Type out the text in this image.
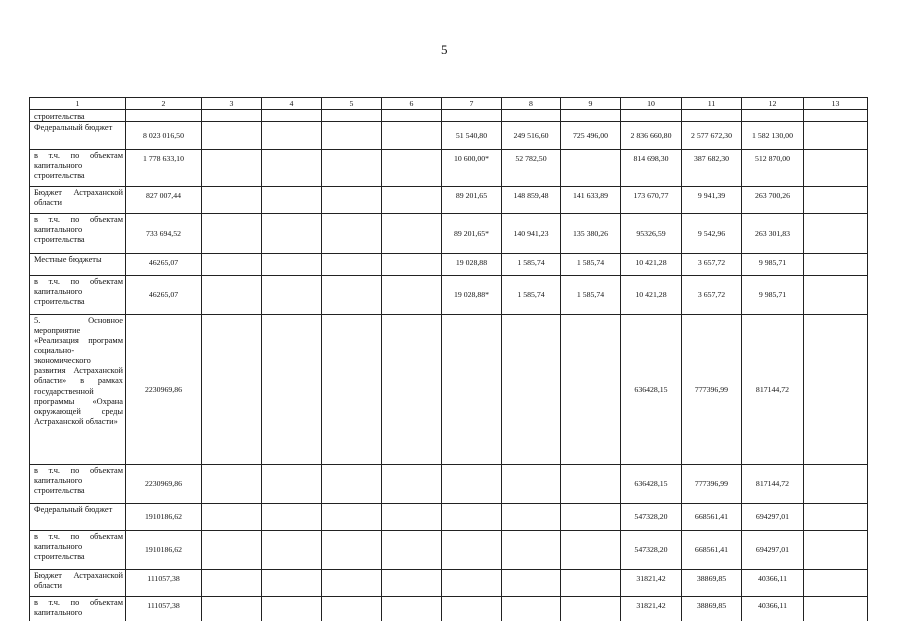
5
1	2	3	4	5	6	7	8	9	10	11	12	13
строительства												
Федеральный бюджет	8 023 016,50					51 540,80	249 516,60	725 496,00	2 836 660,80	2 577 672,30	1 582 130,00	
в т.ч. по объектам капитального строительства	1 778 633,10					10 600,00*	52 782,50		814 698,30	387 682,30	512 870,00	
Бюджет Астраханской области	827 007,44					89 201,65	148 859,48	141 633,89	173 670,77	9 941,39	263 700,26	
в т.ч. по объектам капитального строительства	733 694,52					89 201,65*	140 941,23	135 380,26	95326,59	9 542,96	263 301,83	
Местные бюджеты	46265,07					19 028,88	1 585,74	1 585,74	10 421,28	3 657,72	9 985,71	
в т.ч. по объектам капитального строительства	46265,07					19 028,88*	1 585,74	1 585,74	10 421,28	3 657,72	9 985,71	
5. Основное мероприятие «Реализация программ социально-экономического развития Астраханской области» в рамках государственной программы «Охрана окружающей среды Астраханской области»	2230969,86								636428,15	777396,99	817144,72	
в т.ч. по объектам капитального строительства	2230969,86								636428,15	777396,99	817144,72	
Федеральный бюджет	1910186,62								547328,20	668561,41	694297,01	
в т.ч. по объектам капитального строительства	1910186,62								547328,20	668561,41	694297,01	
Бюджет Астраханской области	111057,38								31821,42	38869,85	40366,11	
в т.ч. по объектам капитального	111057,38								31821,42	38869,85	40366,11	
